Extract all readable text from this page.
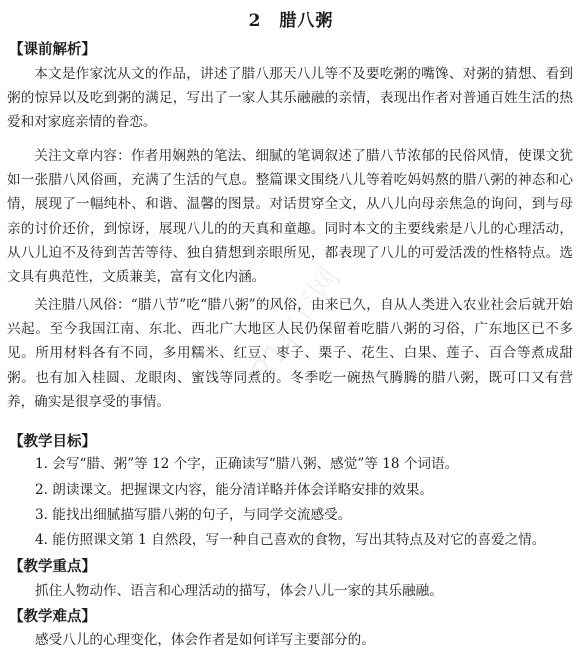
2　腊八粥
【课前解析】

本文是作家沈从文的作品，讲述了腊八那天八儿等不及要吃粥的嘴馋、对粥的猜想、看到粥的惊异以及吃到粥的满足，写出了一家人其乐融融的亲情，表现出作者对普通百姓生活的热爱和对家庭亲情的眷恋。

关注文章内容：作者用娴熟的笔法、细腻的笔调叙述了腊八节浓郁的民俗风情，使课文犹如一张腊八风俗画，充满了生活的气息。整篇课文围绕八儿等着吃妈妈熬的腊八粥的神态和心情，展现了一幅纯朴、和谐、温馨的图景。对话贯穿全文，从八儿向母亲焦急的询问，到与母亲的讨价还价，到惊讶，展现八儿的的天真和童趣。同时本文的主要线索是八儿的心理活动，从八儿迫不及待到苦苦等待、独自猜想到亲眼所见，都表现了八儿的可爱活泼的性格特点。选文具有典范性，文质兼美，富有文化内涵。

关注腊八风俗：“腊八节”吃“腊八粥”的风俗，由来已久，自从人类进入农业社会后就开始兴起。至今我国江南、东北、西北广大地区人民仍保留着吃腊八粥的习俗，广东地区已不多见。所用材料各有不同，多用糯米、红豆、枣子、栗子、花生、白果、莲子、百合等煮成甜粥。也有加入桂圆、龙眼肉、蜜饯等同煮的。冬季吃一碗热气腾腾的腊八粥，既可口又有营养，确实是很享受的事情。

【教学目标】
1. 会写“腊、粥”等 12 个字，正确读写“腊八粥、感觉”等 18 个词语。
2. 朗读课文。把握课文内容，能分清详略并体会详略安排的效果。
3. 能找出细腻描写腊八粥的句子，与同学交流感受。
4. 能仿照课文第 1 自然段，写一种自己喜欢的食物，写出其特点及对它的喜爱之情。
【教学重点】
抓住人物动作、语言和心理活动的描写，体会八儿一家的其乐融融。
【教学难点】
感受八儿的心理变化，体会作者是如何详写主要部分的。
21教育网
